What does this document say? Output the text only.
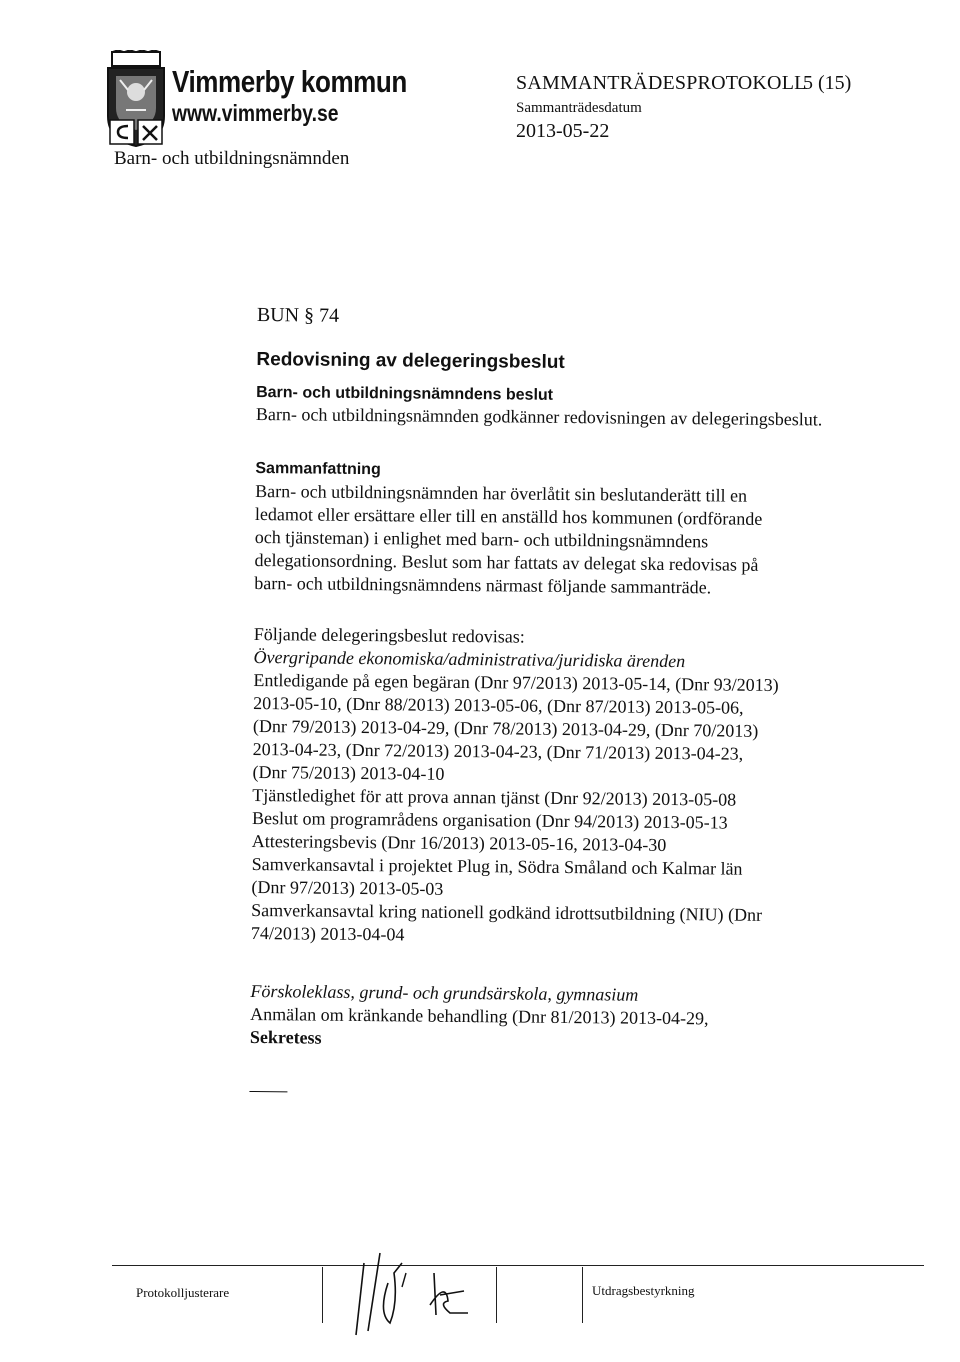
Vimmerby kommun
www.vimmerby.se
Barn- och utbildningsnämnden
SAMMANTRÄDESPROTOKOLL
5 (15)
Sammanträdesdatum
2013-05-22
BUN § 74
Redovisning av delegeringsbeslut
Barn- och utbildningsnämndens beslut
Barn- och utbildningsnämnden godkänner redovisningen av delegeringsbeslut.
Sammanfattning
Barn- och utbildningsnämnden har överlåtit sin beslutanderätt till en
ledamot eller ersättare eller till en anställd hos kommunen (ordförande
och tjänsteman) i enlighet med barn- och utbildningsnämndens
delegationsordning. Beslut som har fattats av delegat ska redovisas på
barn- och utbildningsnämndens närmast följande sammanträde.
Följande delegeringsbeslut redovisas:
Övergripande ekonomiska/administrativa/juridiska ärenden
Entledigande på egen begäran (Dnr 97/2013) 2013-05-14, (Dnr 93/2013)
2013-05-10, (Dnr 88/2013) 2013-05-06, (Dnr 87/2013) 2013-05-06,
(Dnr 79/2013) 2013-04-29, (Dnr 78/2013) 2013-04-29, (Dnr 70/2013)
2013-04-23, (Dnr 72/2013) 2013-04-23, (Dnr 71/2013) 2013-04-23,
(Dnr 75/2013) 2013-04-10
Tjänstledighet för att prova annan tjänst (Dnr 92/2013) 2013-05-08
Beslut om programrådens organisation (Dnr 94/2013) 2013-05-13
Attesteringsbevis (Dnr 16/2013) 2013-05-16, 2013-04-30
Samverkansavtal i projektet Plug in, Södra Småland och Kalmar län
(Dnr 97/2013) 2013-05-03
Samverkansavtal kring nationell godkänd idrottsutbildning (NIU) (Dnr
74/2013) 2013-04-04
Förskoleklass, grund- och grundsärskola, gymnasium
Anmälan om kränkande behandling (Dnr 81/2013) 2013-04-29,
Sekretess
Protokolljusterare	Utdragsbestyrkning
